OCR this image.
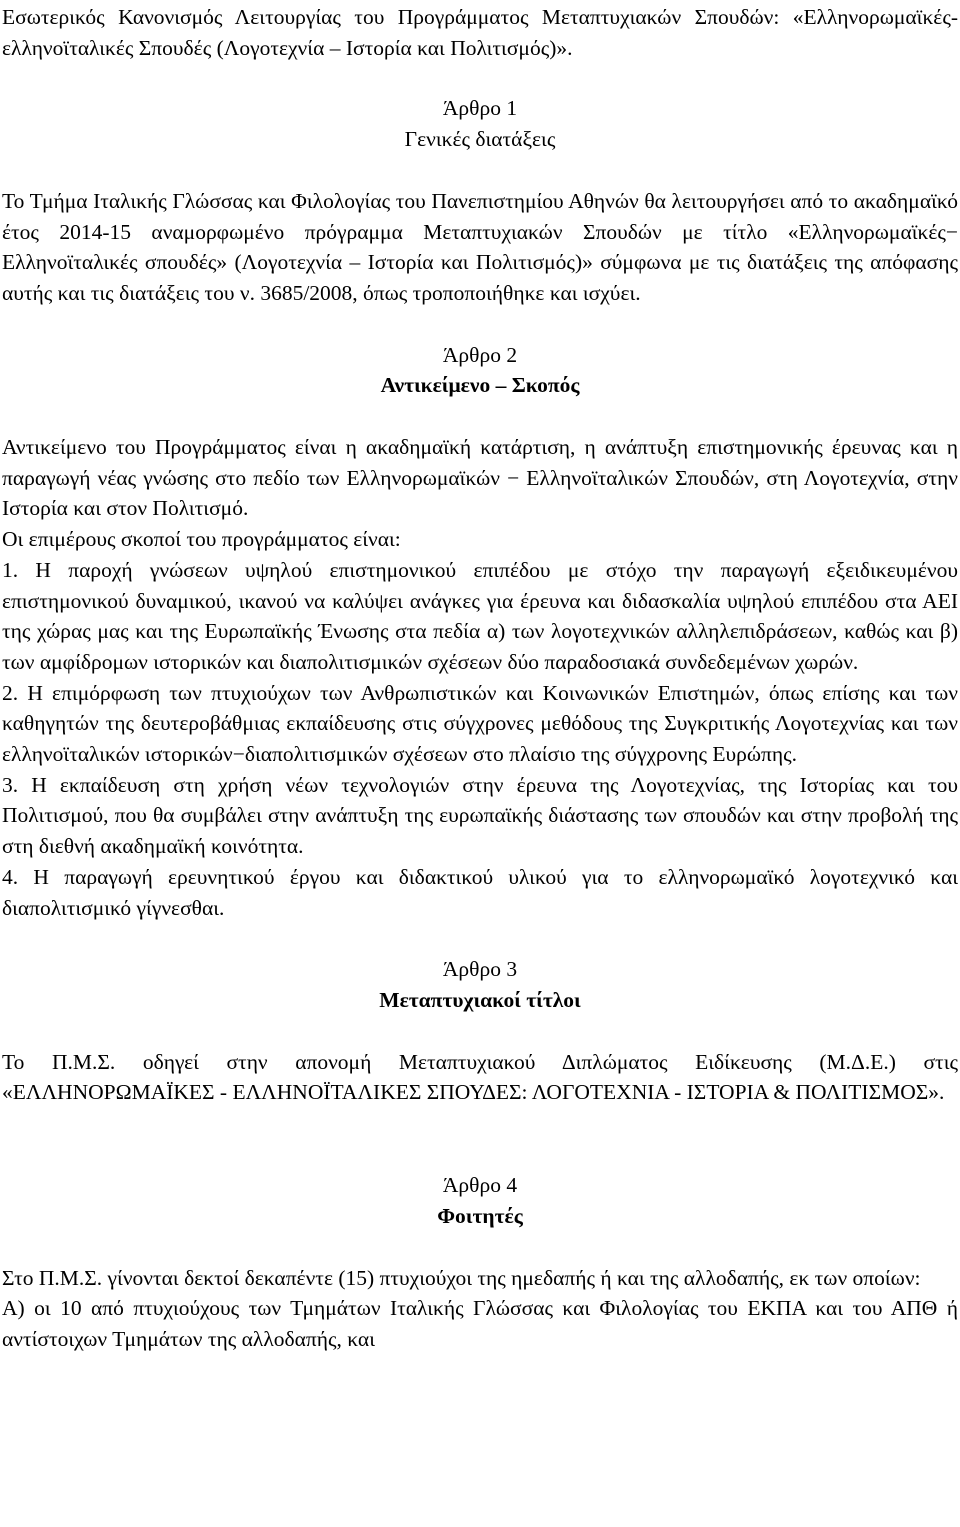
Εσωτερικός Κανονισμός Λειτουργίας του Προγράμματος Μεταπτυχιακών Σπουδών: «Ελληνορωμαϊκές-ελληνοϊταλικές Σπουδές (Λογοτεχνία – Ιστορία και Πολιτισμός)».

Άρθρο 1

Γενικές διατάξεις

Το Τμήμα Ιταλικής Γλώσσας και Φιλολογίας του Πανεπιστημίου Αθηνών θα λειτουργήσει από το ακαδημαϊκό έτος 2014-15 αναμορφωμένο πρόγραμμα Μεταπτυχιακών Σπουδών με τίτλο «Ελληνορωμαϊκές− Ελληνοϊταλικές σπουδές» (Λογοτεχνία – Ιστορία και Πολιτισμός)» σύμφωνα με τις διατάξεις της απόφασης αυτής και τις διατάξεις του ν. 3685/2008, όπως τροποποιήθηκε και ισχύει.

Άρθρο 2

Αντικείμενο – Σκοπός

Αντικείμενο του Προγράμματος είναι η ακαδημαϊκή κατάρτιση, η ανάπτυξη επιστημονικής έρευνας και η παραγωγή νέας γνώσης στο πεδίο των Ελληνορωμαϊκών − Ελληνοϊταλικών Σπουδών, στη Λογοτεχνία, στην Ιστορία και στον Πολιτισμό.

Οι επιμέρους σκοποί του προγράμματος είναι:

1. Η παροχή γνώσεων υψηλού επιστημονικού επιπέδου με στόχο την παραγωγή εξειδικευμένου επιστημονικού δυναμικού, ικανού να καλύψει ανάγκες για έρευνα και διδασκαλία υψηλού επιπέδου στα ΑΕΙ της χώρας μας και της Ευρωπαϊκής Ένωσης στα πεδία α) των λογοτεχνικών αλληλεπιδράσεων, καθώς και β) των αμφίδρομων ιστορικών και διαπολιτισμικών σχέσεων δύο παραδοσιακά συνδεδεμένων χωρών.

2. Η επιμόρφωση των πτυχιούχων των Ανθρωπιστικών και Κοινωνικών Επιστημών, όπως επίσης και των καθηγητών της δευτεροβάθμιας εκπαίδευσης στις σύγχρονες μεθόδους της Συγκριτικής Λογοτεχνίας και των ελληνοϊταλικών ιστορικών−διαπολιτισμικών σχέσεων στο πλαίσιο της σύγχρονης Ευρώπης.

3. Η εκπαίδευση στη χρήση νέων τεχνολογιών στην έρευνα της Λογοτεχνίας, της Ιστορίας και του Πολιτισμού, που θα συμβάλει στην ανάπτυξη της ευρωπαϊκής διάστασης των σπουδών και στην προβολή της στη διεθνή ακαδημαϊκή κοινότητα.

4. Η παραγωγή ερευνητικού έργου και διδακτικού υλικού για το ελληνορωμαϊκό λογοτεχνικό και διαπολιτισμικό γίγνεσθαι.

Άρθρο 3

Μεταπτυχιακοί τίτλοι

Το Π.Μ.Σ. οδηγεί στην απονομή Μεταπτυχιακού Διπλώματος Ειδίκευσης (Μ.Δ.Ε.) στις «ΕΛΛΗΝΟΡΩΜΑΪΚΕΣ - ΕΛΛΗΝΟΪΤΑΛΙΚΕΣ ΣΠΟΥΔΕΣ: ΛΟΓΟΤΕΧΝΙΑ - ΙΣΤΟΡΙΑ & ΠΟΛΙΤΙΣΜΟΣ».

Άρθρο 4

Φοιτητές

Στο Π.Μ.Σ. γίνονται δεκτοί δεκαπέντε (15) πτυχιούχοι της ημεδαπής ή και της αλλοδαπής, εκ των οποίων:

Α) οι 10 από πτυχιούχους των Τμημάτων Ιταλικής Γλώσσας και Φιλολογίας του ΕΚΠΑ και του ΑΠΘ ή αντίστοιχων Τμημάτων της αλλοδαπής, και
